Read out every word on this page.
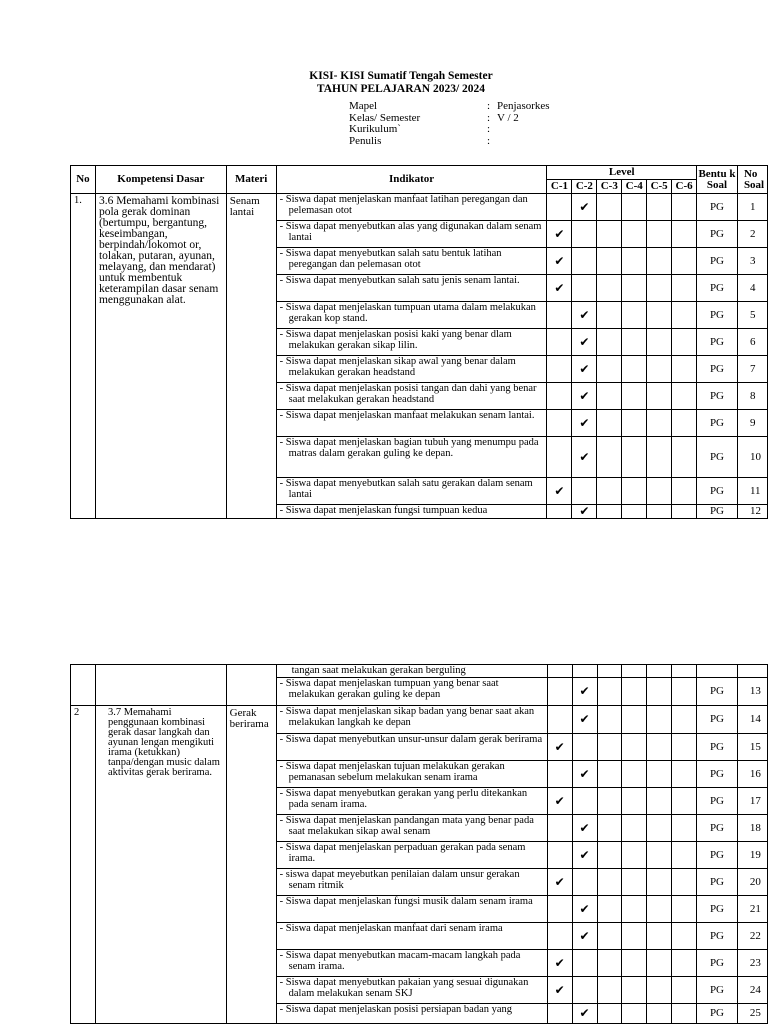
KISI- KISI Sumatif Tengah Semester
TAHUN PELAJARAN 2023/ 2024
Mapel	: Penjasorkes
Kelas/ Semester	: V / 2
Kurikulum`	:
Penulis	:
No	Kompetensi Dasar	Materi	Indikator	Level						Bentu k Soal	No Soal
				C-1	C-2	C-3	C-4	C-5	C-6		
1.	3.6 Memahami kombinasi pola gerak dominan (bertumpu, bergantung, keseimbangan, berpindah/lokomot or, tolakan, putaran, ayunan, melayang, dan mendarat) untuk membentuk keterampilan dasar senam menggunakan alat.	Senam lantai	- Siswa dapat menjelaskan manfaat latihan peregangan dan pelemasan otot		✔					PG	1

			- Siswa dapat menyebutkan alas yang digunakan dalam senam lantai	✔						PG	2

			- Siswa dapat menyebutkan salah satu bentuk latihan peregangan dan pelemasan otot	✔						PG	3

			- Siswa dapat menyebutkan salah satu jenis senam lantai.	✔						PG	4

			- Siswa dapat menjelaskan tumpuan utama dalam melakukan gerakan kop stand.		✔					PG	5

			- Siswa dapat menjelaskan posisi kaki yang benar dlam melakukan gerakan sikap lilin.		✔					PG	6

			- Siswa dapat menjelaskan sikap awal yang benar dalam melakukan gerakan headstand		✔					PG	7

			- Siswa dapat menjelaskan posisi tangan dan dahi yang benar saat melakukan gerakan headstand		✔					PG	8

			- Siswa dapat menjelaskan manfaat melakukan senam lantai.		✔					PG	9

			- Siswa dapat menjelaskan bagian tubuh yang menumpu pada matras dalam gerakan guling ke depan.		✔					PG	10

			- Siswa dapat menyebutkan salah satu gerakan dalam senam lantai	✔						PG	11

			- Siswa dapat menjelaskan fungsi tumpuan kedua		✔					PG	12

			tangan saat melakukan gerakan berguling								

			- Siswa dapat menjelaskan tumpuan yang benar saat melakukan gerakan guling ke depan		✔					PG	13
2	3.7 Memahami penggunaan kombinasi gerak dasar langkah dan ayunan lengan mengikuti irama (ketukkan) tanpa/dengan music dalam aktivitas gerak berirama.	Gerak berirama	- Siswa dapat menjelaskan sikap badan yang benar saat akan melakukan langkah ke depan		✔					PG	14

			- Siswa dapat menyebutkan unsur-unsur dalam gerak berirama	✔						PG	15

			- Siswa dapat menjelaskan tujuan melakukan gerakan pemanasan sebelum melakukan senam irama		✔					PG	16

			- Siswa dapat menyebutkan gerakan yang perlu ditekankan pada senam irama.	✔						PG	17

			- Siswa dapat menjelaskan pandangan mata yang benar pada saat melakukan sikap awal senam		✔					PG	18

			- Siswa dapat menjelaskan perpaduan gerakan pada senam irama.		✔					PG	19

			- siswa dapat meyebutkan penilaian dalam unsur gerakan senam ritmik	✔						PG	20

			- Siswa dapat menjelaskan fungsi musik dalam senam irama		✔					PG	21

			- Siswa dapat menjelaskan manfaat dari senam irama		✔					PG	22

			- Siswa dapat menyebutkan macam-macam langkah pada senam irama.	✔						PG	23

			- Siswa dapat menyebutkan pakaian yang sesuai digunakan dalam melakukan senam SKJ	✔						PG	24

			- Siswa dapat menjelaskan posisi persiapan badan yang		✔					PG	25
